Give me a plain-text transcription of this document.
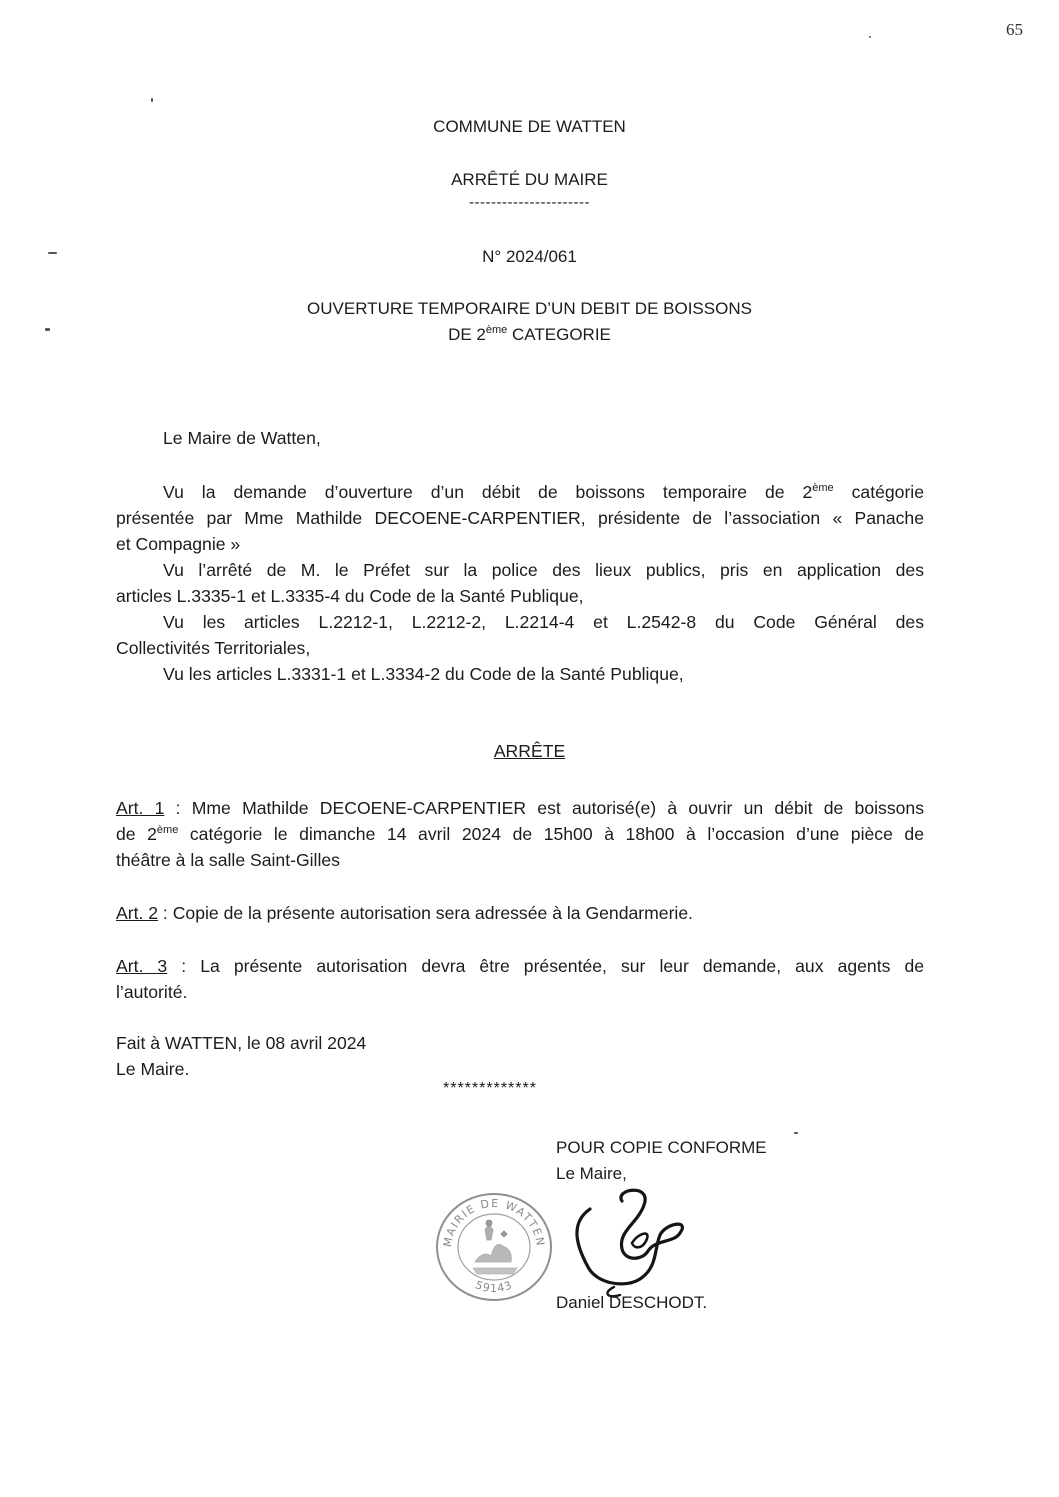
65
COMMUNE DE WATTEN
ARRÊTÉ DU MAIRE
----------------------
N° 2024/061
OUVERTURE TEMPORAIRE D’UN DEBIT DE BOISSONS
DE 2ème CATEGORIE
Le Maire de Watten,
Vu la demande d’ouverture d’un débit de boissons temporaire de 2ème catégorie
présentée par Mme Mathilde DECOENE-CARPENTIER, présidente de l’association « Panache
et Compagnie »
Vu l’arrêté de M. le Préfet sur la police des lieux publics, pris en application des
articles L.3335-1 et L.3335-4 du Code de la Santé Publique,
Vu les articles L.2212-1, L.2212-2, L.2214-4 et L.2542-8 du Code Général des
Collectivités Territoriales,
Vu les articles L.3331-1 et L.3334-2 du Code de la Santé Publique,
ARRÊTE
Art. 1 : Mme Mathilde DECOENE-CARPENTIER est autorisé(e) à ouvrir un débit de boissons
de 2ème catégorie le dimanche 14 avril 2024 de 15h00 à 18h00 à l’occasion d’une pièce de
théâtre à la salle Saint-Gilles
Art. 2 : Copie de la présente autorisation sera adressée à la Gendarmerie.
Art. 3 : La présente autorisation devra être présentée, sur leur demande, aux agents de
l’autorité.
Fait à WATTEN, le 08 avril 2024
Le Maire.
*************
POUR COPIE CONFORME
Le Maire,
MAIRIE DE WATTEN
59143
Daniel DESCHODT.
